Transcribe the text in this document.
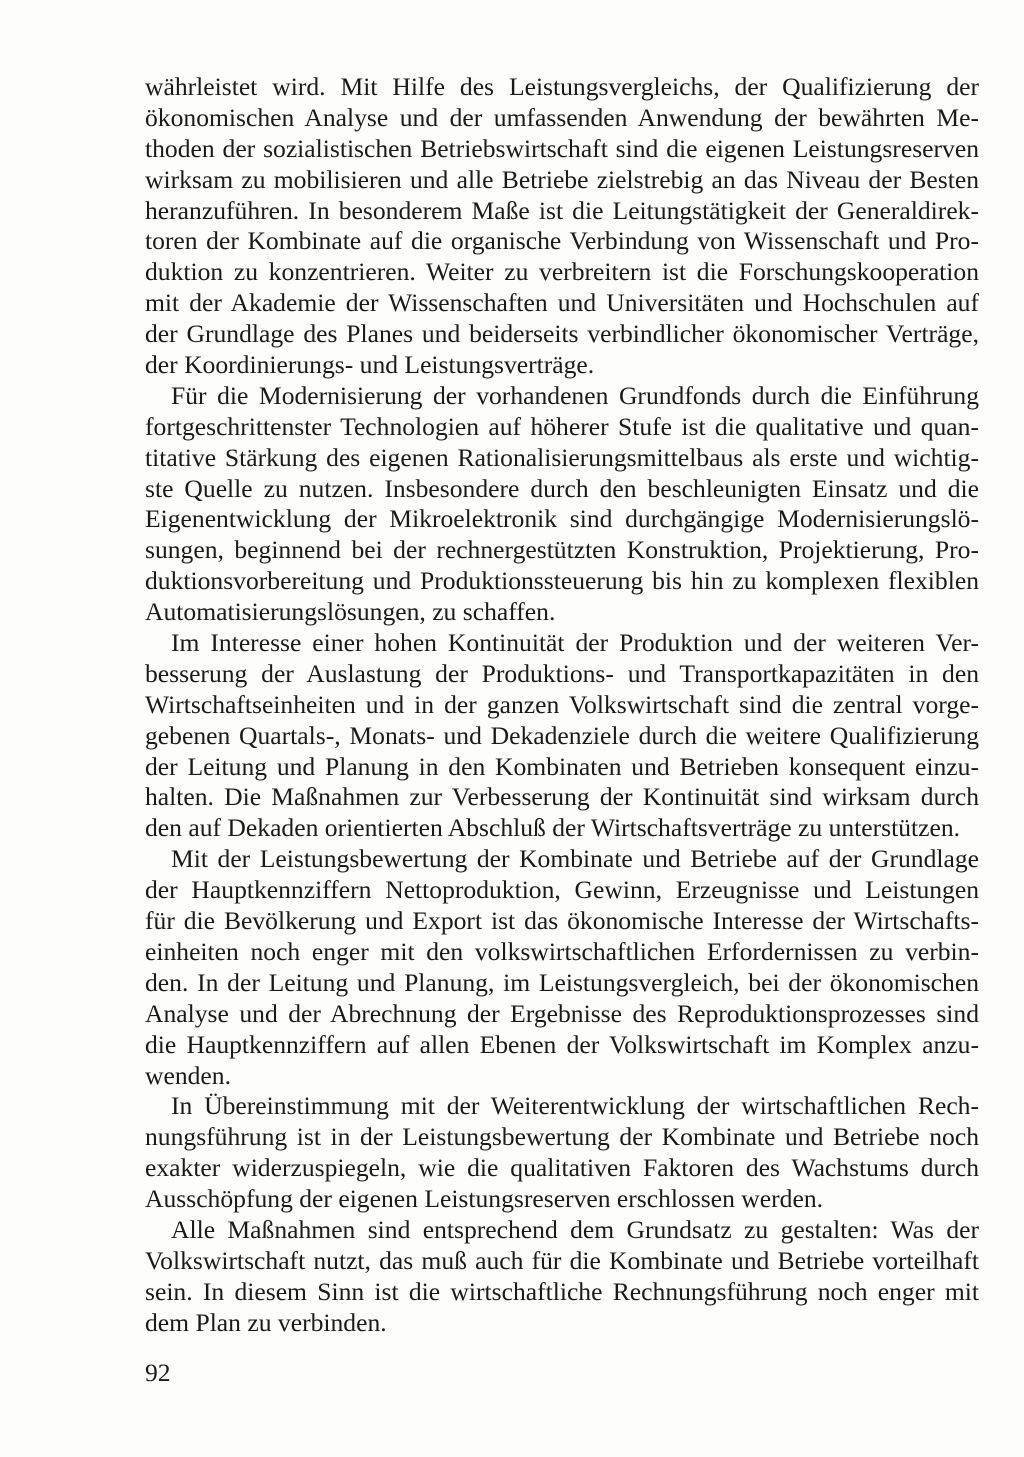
währleistet wird. Mit Hilfe des Leistungsvergleichs, der Qualifizierung der
ökonomischen Analyse und der umfassenden Anwendung der bewährten Me-
thoden der sozialistischen Betriebswirtschaft sind die eigenen Leistungsreserven
wirksam zu mobilisieren und alle Betriebe zielstrebig an das Niveau der Besten
heranzuführen. In besonderem Maße ist die Leitungstätigkeit der Generaldirek-
toren der Kombinate auf die organische Verbindung von Wissenschaft und Pro-
duktion zu konzentrieren. Weiter zu verbreitern ist die Forschungskooperation
mit der Akademie der Wissenschaften und Universitäten und Hochschulen auf
der Grundlage des Planes und beiderseits verbindlicher ökonomischer Verträge,
der Koordinierungs- und Leistungsverträge.
Für die Modernisierung der vorhandenen Grundfonds durch die Einführung
fortgeschrittenster Technologien auf höherer Stufe ist die qualitative und quan-
titative Stärkung des eigenen Rationalisierungsmittelbaus als erste und wichtig-
ste Quelle zu nutzen. Insbesondere durch den beschleunigten Einsatz und die
Eigenentwicklung der Mikroelektronik sind durchgängige Modernisierungslö-
sungen, beginnend bei der rechnergestützten Konstruktion, Projektierung, Pro-
duktionsvorbereitung und Produktionssteuerung bis hin zu komplexen flexiblen
Automatisierungslösungen, zu schaffen.
Im Interesse einer hohen Kontinuität der Produktion und der weiteren Ver-
besserung der Auslastung der Produktions- und Transportkapazitäten in den
Wirtschaftseinheiten und in der ganzen Volkswirtschaft sind die zentral vorge-
gebenen Quartals-, Monats- und Dekadenziele durch die weitere Qualifizierung
der Leitung und Planung in den Kombinaten und Betrieben konsequent einzu-
halten. Die Maßnahmen zur Verbesserung der Kontinuität sind wirksam durch
den auf Dekaden orientierten Abschluß der Wirtschaftsverträge zu unterstützen.
Mit der Leistungsbewertung der Kombinate und Betriebe auf der Grundlage
der Hauptkennziffern Nettoproduktion, Gewinn, Erzeugnisse und Leistungen
für die Bevölkerung und Export ist das ökonomische Interesse der Wirtschafts-
einheiten noch enger mit den volkswirtschaftlichen Erfordernissen zu verbin-
den. In der Leitung und Planung, im Leistungsvergleich, bei der ökonomischen
Analyse und der Abrechnung der Ergebnisse des Reproduktionsprozesses sind
die Hauptkennziffern auf allen Ebenen der Volkswirtschaft im Komplex anzu-
wenden.
In Übereinstimmung mit der Weiterentwicklung der wirtschaftlichen Rech-
nungsführung ist in der Leistungsbewertung der Kombinate und Betriebe noch
exakter widerzuspiegeln, wie die qualitativen Faktoren des Wachstums durch
Ausschöpfung der eigenen Leistungsreserven erschlossen werden.
Alle Maßnahmen sind entsprechend dem Grundsatz zu gestalten: Was der
Volkswirtschaft nutzt, das muß auch für die Kombinate und Betriebe vorteilhaft
sein. In diesem Sinn ist die wirtschaftliche Rechnungsführung noch enger mit
dem Plan zu verbinden.
92
